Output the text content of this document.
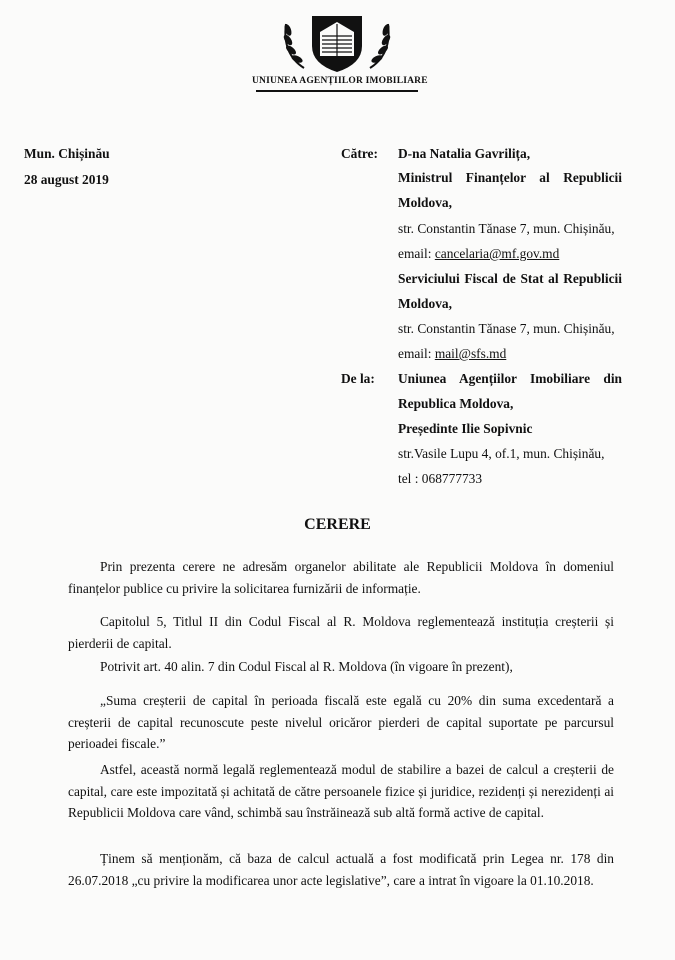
UNIUNEA AGENȚIILOR IMOBILIARE
Mun. Chișinău
28 august 2019
Către: D-na Natalia Gavrilița,
Ministrul Finanțelor al Republicii
Moldova,
str. Constantin Tănase 7, mun. Chișinău,
email: cancelaria@mf.gov.md
Serviciului Fiscal de Stat al Republicii
Moldova,
str. Constantin Tănase 7, mun. Chișinău,
email: mail@sfs.md
De la: Uniunea Agențiilor Imobiliare din
Republica Moldova,
Președinte Ilie Sopivnic
str.Vasile Lupu 4, of.1, mun. Chișinău,
tel : 068777733
CERERE
Prin prezenta cerere ne adresăm organelor abilitate ale Republicii Moldova în domeniul finanțelor publice cu privire la solicitarea furnizării de informație.
Capitolul 5, Titlul II din Codul Fiscal al R. Moldova reglementează instituția creșterii și pierderii de capital.
Potrivit art. 40 alin. 7 din Codul Fiscal al R. Moldova (în vigoare în prezent),
„Suma creșterii de capital în perioada fiscală este egală cu 20% din suma excedentară a creșterii de capital recunoscute peste nivelul oricăror pierderi de capital suportate pe parcursul perioadei fiscale.”
Astfel, această normă legală reglementează modul de stabilire a bazei de calcul a creșterii de capital, care este impozitată și achitată de către persoanele fizice și juridice, rezidenți și nerezidenți ai Republicii Moldova care vând, schimbă sau înstrăinează sub altă formă active de capital.
Ținem să menționăm, că baza de calcul actuală a fost modificată prin Legea nr. 178 din 26.07.2018 „cu privire la modificarea unor acte legislative”, care a intrat în vigoare la 01.10.2018.
